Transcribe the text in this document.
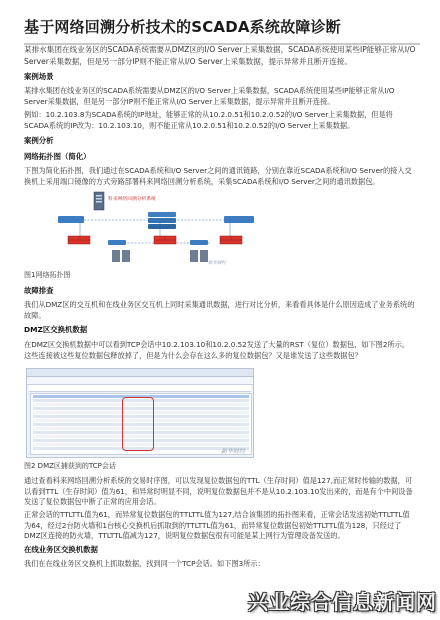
基于网络回溯分析技术的SCADA系统故障诊断

某排水集团在线业务区的SCADA系统需要从DMZ区的I/O Server上采集数据，SCADA系统使用某些IP能够正常从I/O Server采集数据，但是另一部分IP则不能正常从I/O Server上采集数据，提示异常并且断开连接。

案例场景

某排水集团在线业务区的SCADA系统需要从DMZ区的I/O Server上采集数据，SCADA系统使用某些IP能够正常从I/O Server采集数据，但是另一部分IP则不能正常从I/O Server上采集数据，提示异常并且断开连接。

例如：10.2.103.8为SCADA系统的IP地址，能够正常的从10.2.0.51和10.2.0.52的I/O Server上采集数据，但是将SCADA系统的IP改为：10.2.103.10，则不能正常从10.2.0.51和10.2.0.52的I/O Server上采集数据。

案例分析
网络拓扑图（简化）

下图为简化拓扑图，我们通过在SCADA系统和I/O Server之间的通讯链路，分别在靠近SCADA系统和I/O Server的接入交换机上采用端口镜像的方式旁路部署科来网络回溯分析系统，采集SCADA系统和I/O Server之间的通讯数据包。

科来网络回溯分析系统
新华财经

图1网络拓扑图

故障排查

我们从DMZ区的交互机和在线业务区交互机上同时采集通讯数据，进行对比分析，来看看具体是什么原因造成了业务系统的故障。

DMZ区交换机数据

在DMZ区交换机数据中可以看到TCP会话中10.2.103.10和10.2.0.52发送了大量的RST（复位）数据包，如下图2所示。这些连接被这些复位数据包释放掉了，但是为什么会存在这么多的复位数据包？又是谁发送了这些数据包？

新华财经

图2 DMZ区捕获到的TCP会话

通过查看科来网络回溯分析系统的交易时序图，可以发现复位数据包的TTL（生存时间）值是127,而正常时传输的数据，可以看到TTL（生存时间）值为61，和异常时明显不同，说明复位数据包并不是从10.2.103.10发出来的，而是有个中间设备发送了复位数据包中断了正常的应用会话。

正常会话的TTLTTL值为61，而异常复位数据包的TTLTTL值为127,结合该集团的拓扑图来看，正常会话发送初始TTLTTL值为64，经过2台防火墙和1台核心交换机后抓取到的TTLTTL值为61，而异常复位数据包初始TTLTTL值为128，只经过了DMZ区连接的防火墙，TTLTTL值减为127，说明复位数据包很有可能是某上网行为管理设备发送的。

在线业务区交换机数据

我们在在线业务区交换机上抓取数据，找到同一个TCP会话。如下图3所示：

兴业综合信息新闻网
